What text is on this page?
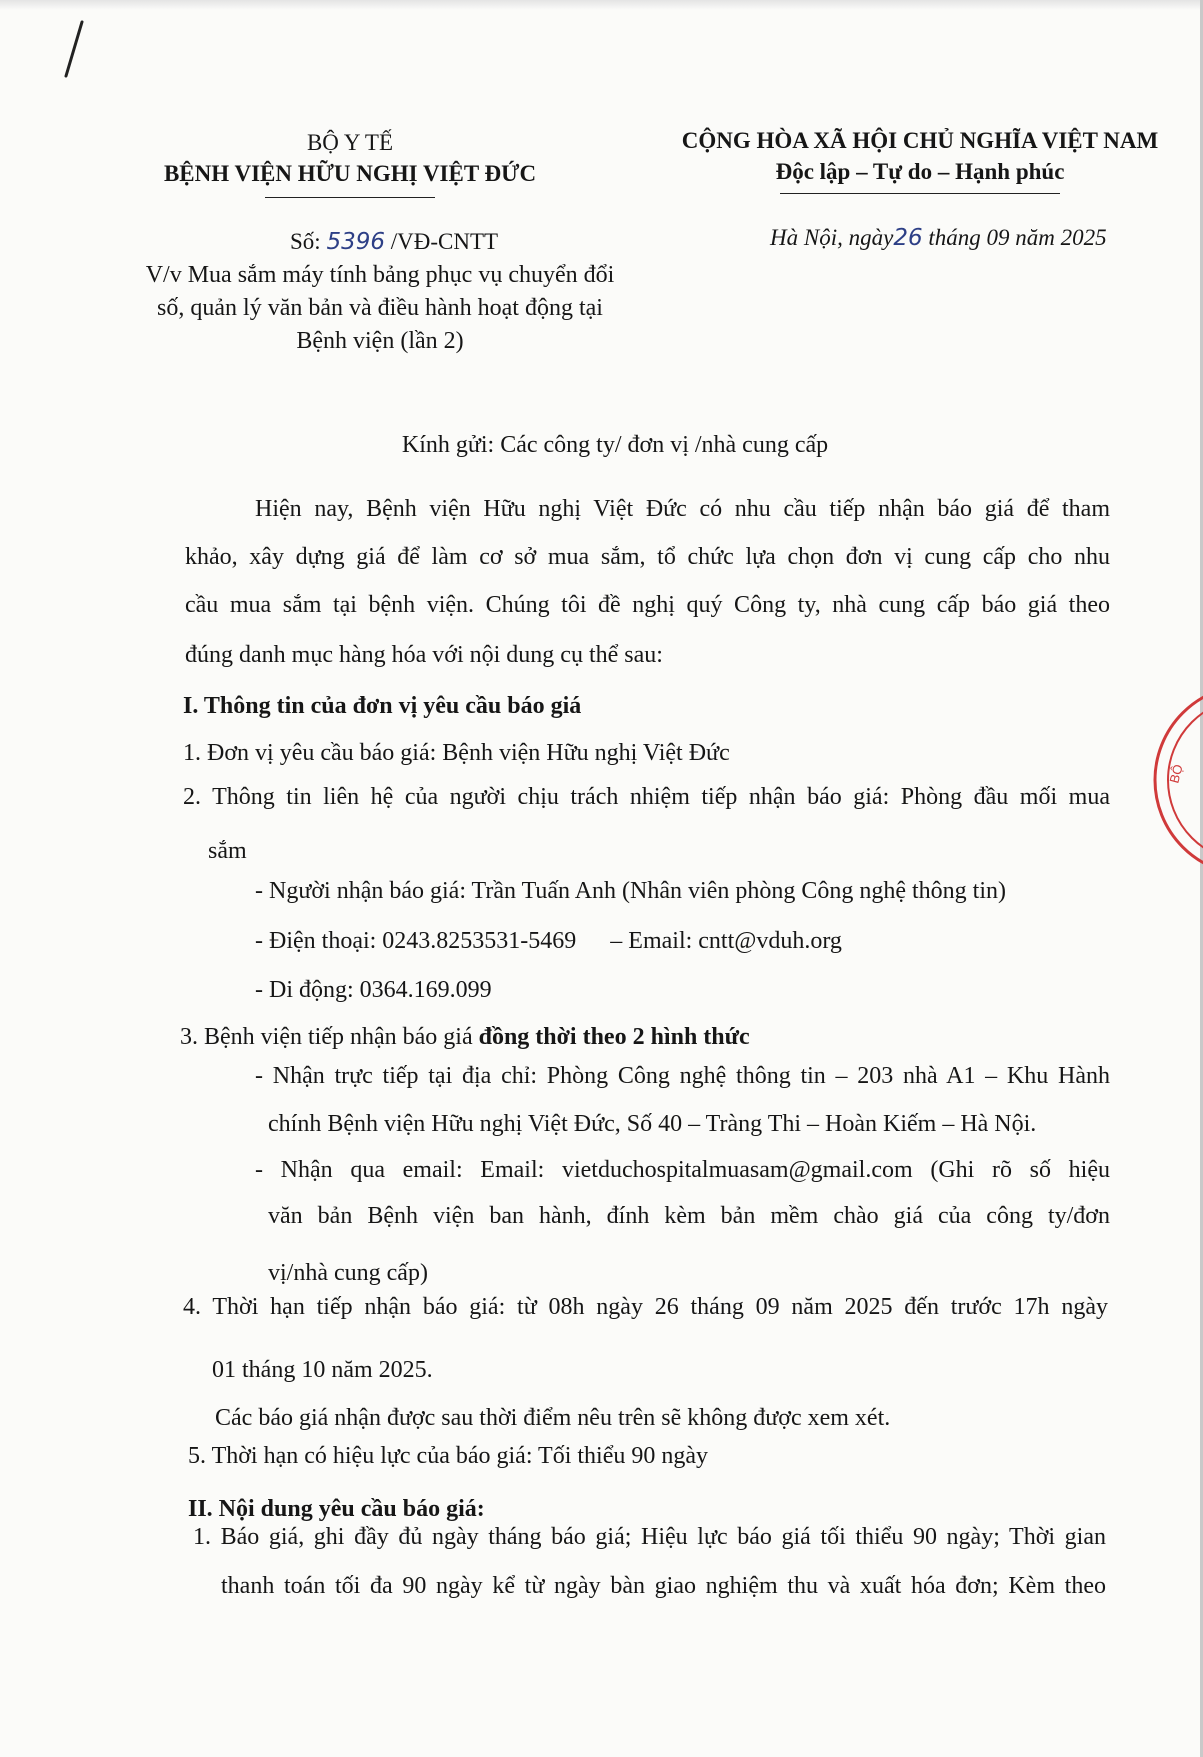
BỘ Y TẾ
BỆNH VIỆN HỮU NGHỊ VIỆT ĐỨC
CỘNG HÒA XÃ HỘI CHỦ NGHĨA VIỆT NAM
Độc lập – Tự do – Hạnh phúc
Số: 5396 /VĐ-CNTT	Hà Nội, ngày26 tháng 09 năm 2025
V/v Mua sắm máy tính bảng phục vụ chuyển đổi
số, quản lý văn bản và điều hành hoạt động tại
Bệnh viện (lần 2)
Kính gửi: Các công ty/ đơn vị /nhà cung cấp
Hiện nay, Bệnh viện Hữu nghị Việt Đức có nhu cầu tiếp nhận báo giá để tham
khảo, xây dựng giá để làm cơ sở mua sắm, tổ chức lựa chọn đơn vị cung cấp cho nhu
cầu mua sắm tại bệnh viện. Chúng tôi đề nghị quý Công ty, nhà cung cấp báo giá theo
đúng danh mục hàng hóa với nội dung cụ thể sau:
I. Thông tin của đơn vị yêu cầu báo giá
1. Đơn vị yêu cầu báo giá: Bệnh viện Hữu nghị Việt Đức
2. Thông tin liên hệ của người chịu trách nhiệm tiếp nhận báo giá: Phòng đầu mối mua
sắm
- Người nhận báo giá: Trần Tuấn Anh (Nhân viên phòng Công nghệ thông tin)
- Điện thoại: 0243.8253531-5469 – Email: cntt@vduh.org
- Di động: 0364.169.099
3. Bệnh viện tiếp nhận báo giá đồng thời theo 2 hình thức
- Nhận trực tiếp tại địa chỉ: Phòng Công nghệ thông tin – 203 nhà A1 – Khu Hành
chính Bệnh viện Hữu nghị Việt Đức, Số 40 – Tràng Thi – Hoàn Kiếm – Hà Nội.
- Nhận qua email: Email: vietduchospitalmuasam@gmail.com (Ghi rõ số hiệu
văn bản Bệnh viện ban hành, đính kèm bản mềm chào giá của công ty/đơn
vị/nhà cung cấp)
4. Thời hạn tiếp nhận báo giá: từ 08h ngày 26 tháng 09 năm 2025 đến trước 17h ngày
01 tháng 10 năm 2025.
Các báo giá nhận được sau thời điểm nêu trên sẽ không được xem xét.
5. Thời hạn có hiệu lực của báo giá: Tối thiểu 90 ngày
II. Nội dung yêu cầu báo giá:
1. Báo giá, ghi đầy đủ ngày tháng báo giá; Hiệu lực báo giá tối thiểu 90 ngày; Thời gian
thanh toán tối đa 90 ngày kể từ ngày bàn giao nghiệm thu và xuất hóa đơn; Kèm theo
BỘ
